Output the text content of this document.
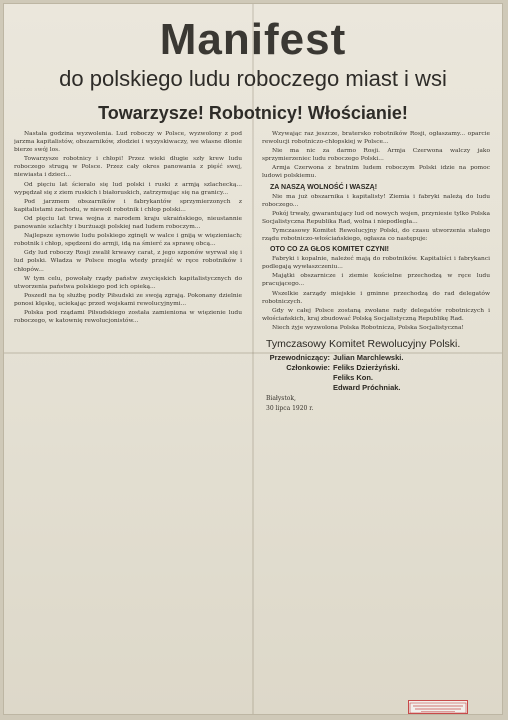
Manifest
do polskiego ludu roboczego miast i wsi
Towarzysze! Robotnicy! Włościanie!

Nastała godzina wyzwolenia. Lud roboczy w Polsce, wyzwolony z pod jarzma kapitalistów, obszarników, złodziei i wyzyskiwaczy, we własne dłonie bierze swój los.

Towarzysze robotnicy i chłopi! Przez wieki długie szły krew ludu roboczego strugą w Polsce. Przez cały okres panowania z pięść swej, niewiasta i dzieci...

Od pięciu lat ścieralo się lud polski i ruski z armją szlachecką... wypędzał się z ziem ruskich i białoruskich, zatrzymując się na granicy...

Pod jarzmem obszarników i fabrykantów sprzymierzonych z kapitalistami zachodu, w niewoli robotnik i chłop polski...

Od pięciu lat trwa wojna z narodem kraju ukraińskiego, nieustannie panowanie szlachty i burżuazji polskiej nad ludem roboczym...

Najlepsze synowie ludu polskiego zginęli w walce i gniją w więzieniach; robotnik i chłop, spędzeni do armji, idą na śmierć za sprawę obcą...

Gdy lud roboczy Rosji zwalił krwawy carat, z jego szponów wyrwał się i lud polski. Władza w Polsce mogła wtedy przejść w ręce robotników i chłopów...

W tym celu, powołały rządy państw zwycięskich kapitalistycznych do utworzenia państwa polskiego pod ich opieką...

Poszedł na tę służbę podły Piłsudski ze swoją zgrają. Pokonany dzielnie ponosi klęskę, uciekając przed wojskami rewolucyjnymi...

Polska pod rządami Piłsudskiego została zamieniona w więzienie ludu roboczego, w katownię rewolucjonistów...

Wzywając raz jeszcze, bratersko robotników Rosji, ogłaszamy... oparcie rewolucji robotniczo-chłopskiej w Polsce...

Nie ma nic za darmo Rosji. Armja Czerwona walczy jako sprzymierzeniec ludu roboczego Polski...

Armja Czerwona z bratnim ludem roboczym Polski idzie na pomoc ludowi polskiemu.

ZA NASZĄ WOLNOŚĆ I WASZĄ!

Nie ma już obszarnika i kapitalisty! Ziemia i fabryki należą do ludu roboczego...

Pokój trwały, gwarantujący lud od nowych wojen, przyniesie tylko Polska Socjalistyczna Republika Rad, wolna i niepodległa...

Tymczasowy Komitet Rewolucyjny Polski, do czasu utworzenia stałego rządu robotniczo-włościańskiego, ogłasza co następuje:

OTO CO ZA GŁOS KOMITET CZYNI!

Fabryki i kopalnie, należeć mają do robotników. Kapitaliści i fabrykanci podlegają wywłaszczeniu...

Majątki obszarnicze i ziemie kościelne przechodzą w ręce ludu pracującego...

Wszelkie zarządy miejskie i gminne przechodzą do rad delegatów robotniczych.

Gdy w całej Polsce zostaną zwołane rady delegatów robotniczych i włościańskich, kraj zbudować Polską Socjalistyczną Republikę Rad.

Niech żyje wyzwolona Polska Robotnicza, Polska Socjalistyczna!

Tymczasowy Komitet Rewolucyjny Polski.
Przewodniczący: Julian Marchlewski.
Członkowie: Feliks Dzierżyński.
Feliks Kon.
Edward Próchniak.
Białystok,
30 lipca 1920 r.
